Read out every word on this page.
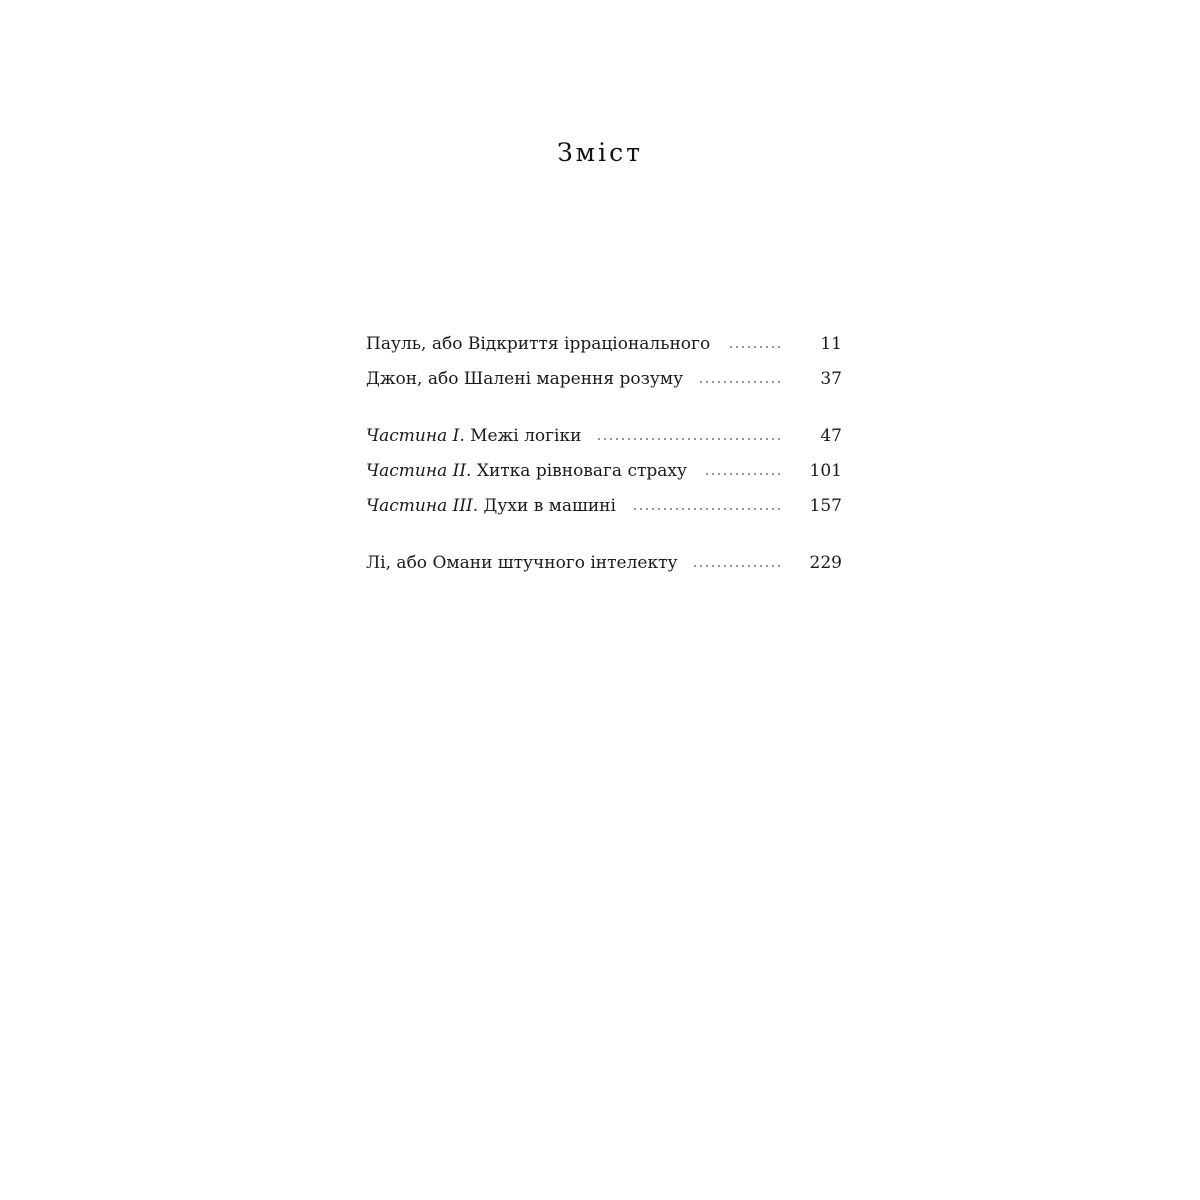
Зміст
Пауль, або Відкриття ірраціонального	11
Джон, або Шалені марення розуму	37
Частина I. Межі логіки	47
Частина II. Хитка рівновага страху	101
Частина III. Духи в машині	157
Лі, або Омани штучного інтелекту	229
